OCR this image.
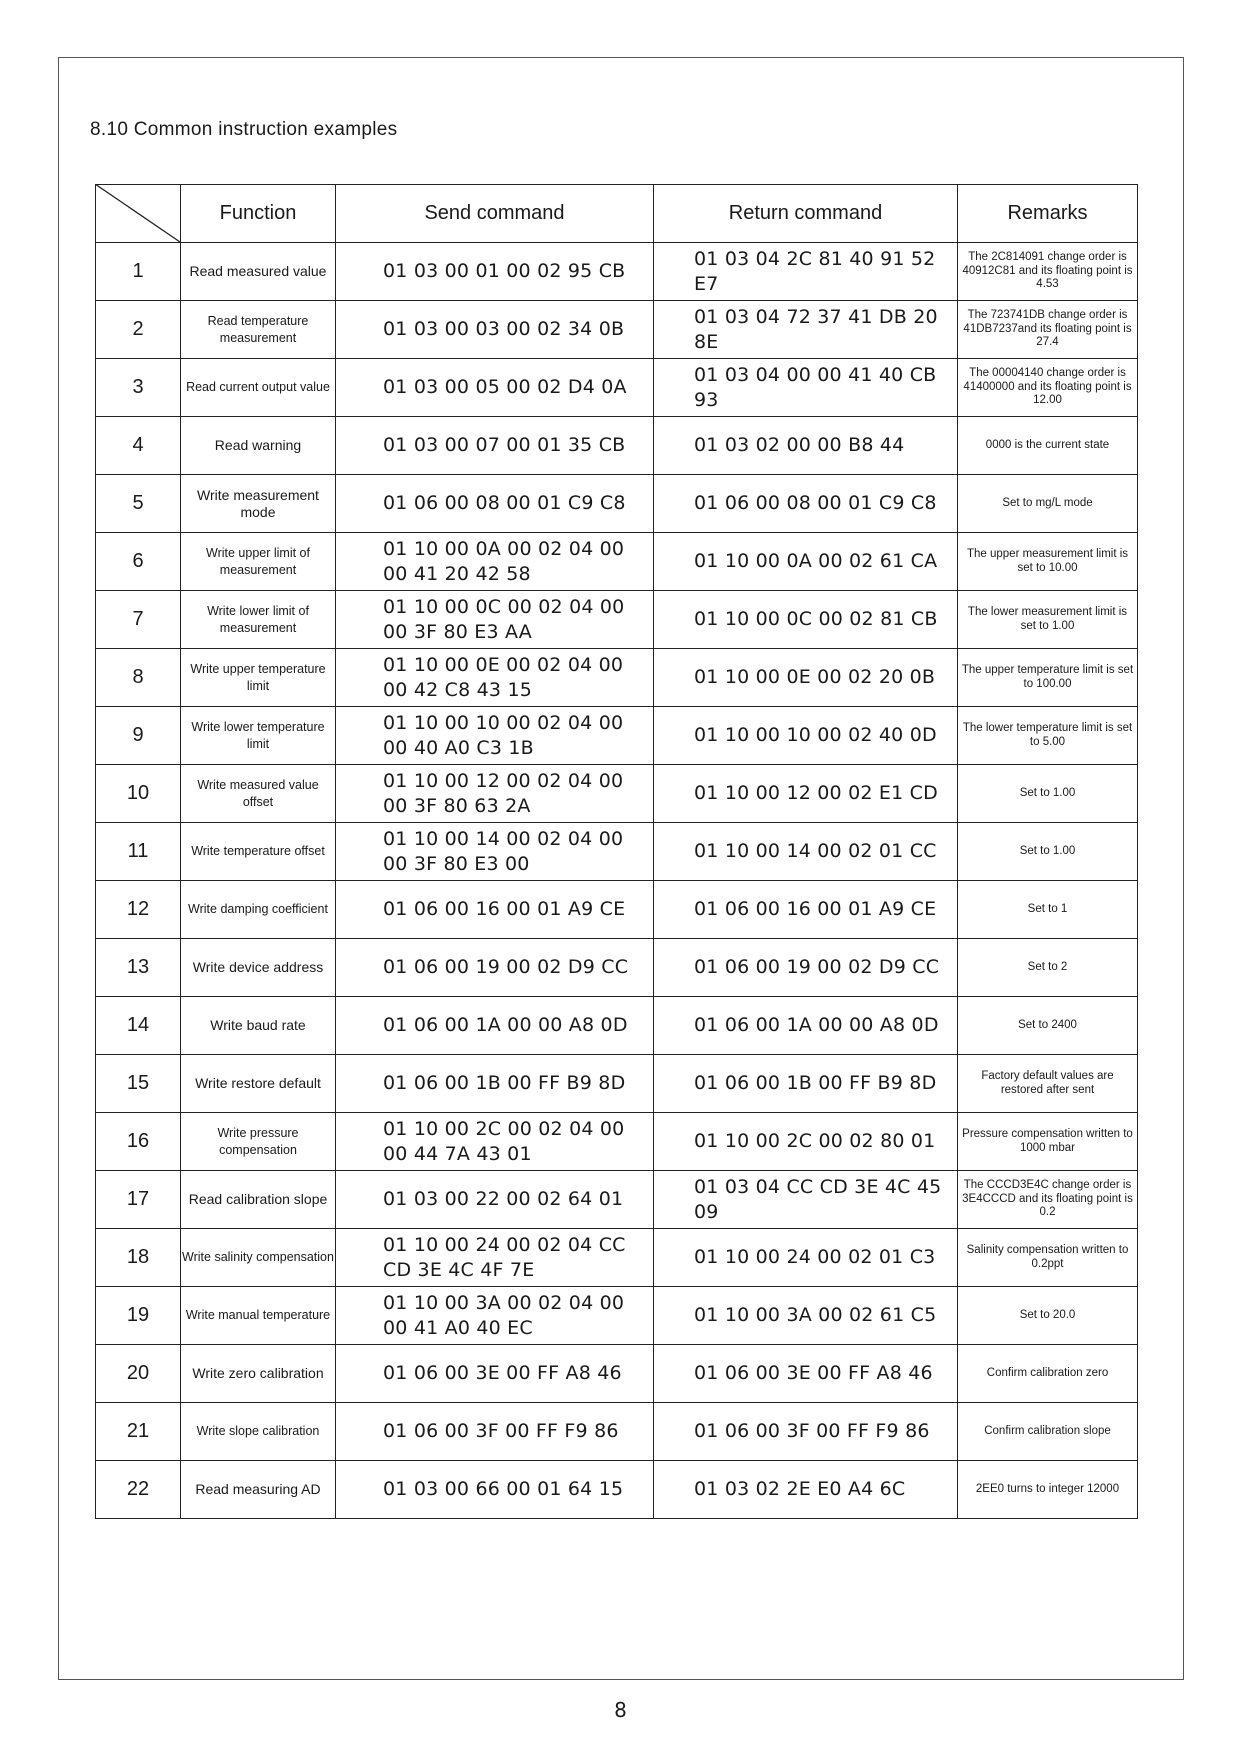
8.10 Common instruction examples
	Function	Send command	Return command	Remarks
1	Read measured value	01 03 00 01 00 02 95 CB	01 03 04 2C 81 40 91 52 E7	The 2C814091 change order is 40912C81 and its floating point is 4.53
2	Read temperature measurement	01 03 00 03 00 02 34 0B	01 03 04 72 37 41 DB 20 8E	The 723741DB change order is 41DB7237and its floating point is 27.4
3	Read current output value	01 03 00 05 00 02 D4 0A	01 03 04 00 00 41 40 CB 93	The 00004140 change order is 41400000 and its floating point is 12.00
4	Read warning	01 03 00 07 00 01 35 CB	01 03 02 00 00 B8 44	0000 is the current state
5	Write measurement mode	01 06 00 08 00 01 C9 C8	01 06 00 08 00 01 C9 C8	Set to mg/L mode
6	Write upper limit of measurement	01 10 00 0A 00 02 04 00
00 41 20 42 58	01 10 00 0A 00 02 61 CA	The upper measurement limit is set to 10.00
7	Write lower limit of measurement	01 10 00 0C 00 02 04 00
00 3F 80 E3 AA	01 10 00 0C 00 02 81 CB	The lower measurement limit is set to 1.00
8	Write upper temperature limit	01 10 00 0E 00 02 04 00
00 42 C8 43 15	01 10 00 0E 00 02 20 0B	The upper temperature limit is set to 100.00
9	Write lower temperature limit	01 10 00 10 00 02 04 00
00 40 A0 C3 1B	01 10 00 10 00 02 40 0D	The lower temperature limit is set to 5.00
10	Write measured value offset	01 10 00 12 00 02 04 00
00 3F 80 63 2A	01 10 00 12 00 02 E1 CD	Set to 1.00
11	Write temperature offset	01 10 00 14 00 02 04 00
00 3F 80 E3 00	01 10 00 14 00 02 01 CC	Set to 1.00
12	Write damping coefficient	01 06 00 16 00 01 A9 CE	01 06 00 16 00 01 A9 CE	Set to 1
13	Write device address	01 06 00 19 00 02 D9 CC	01 06 00 19 00 02 D9 CC	Set to 2
14	Write baud rate	01 06 00 1A 00 00 A8 0D	01 06 00 1A 00 00 A8 0D	Set to 2400
15	Write restore default	01 06 00 1B 00 FF B9 8D	01 06 00 1B 00 FF B9 8D	Factory default values are restored after sent
16	Write pressure compensation	01 10 00 2C 00 02 04 00
00 44 7A 43 01	01 10 00 2C 00 02 80 01	Pressure compensation written to 1000 mbar
17	Read calibration slope	01 03 00 22 00 02 64 01	01 03 04 CC CD 3E 4C 45 09	The CCCD3E4C change order is 3E4CCCD and its floating point is 0.2
18	Write salinity compensation	01 10 00 24 00 02 04 CC
CD 3E 4C 4F 7E	01 10 00 24 00 02 01 C3	Salinity compensation written to 0.2ppt
19	Write manual temperature	01 10 00 3A 00 02 04 00
00 41 A0 40 EC	01 10 00 3A 00 02 61 C5	Set to 20.0
20	Write zero calibration	01 06 00 3E 00 FF A8 46	01 06 00 3E 00 FF A8 46	Confirm calibration zero
21	Write slope calibration	01 06 00 3F 00 FF F9 86	01 06 00 3F 00 FF F9 86	Confirm calibration slope
22	Read measuring AD	01 03 00 66 00 01 64 15	01 03 02 2E E0 A4 6C	2EE0 turns to integer 12000
8
